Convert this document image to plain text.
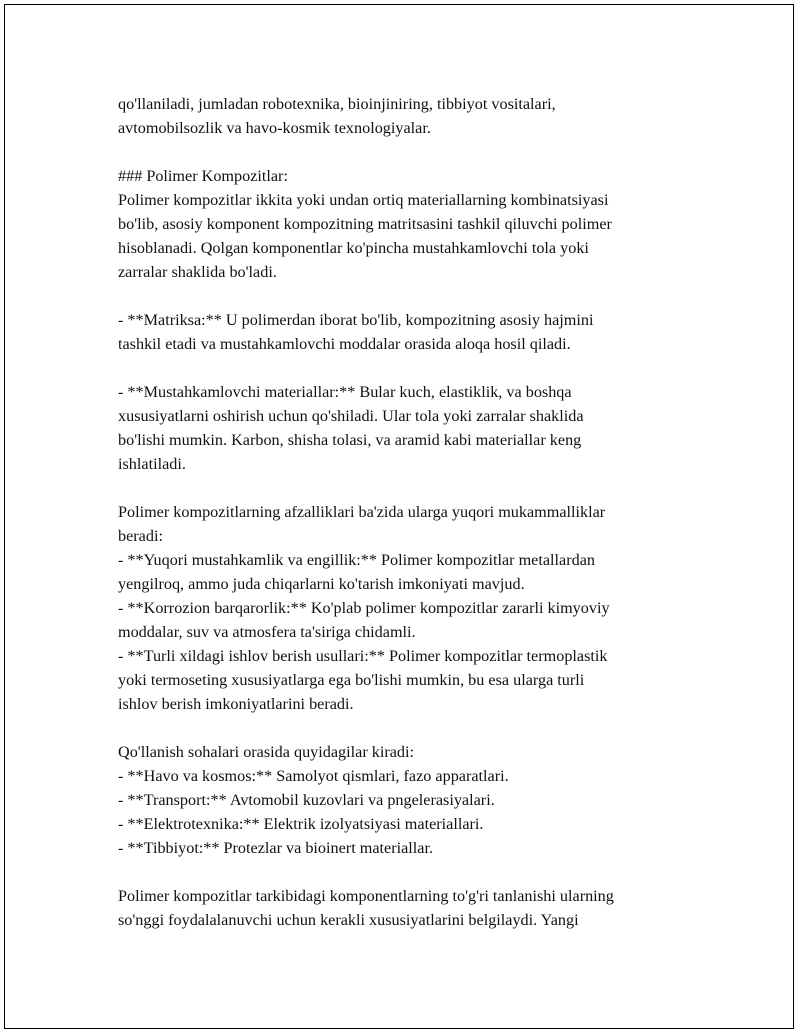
qo'llaniladi, jumladan robotexnika, bioinjiniring, tibbiyot vositalari,
avtomobilsozlik va havo-kosmik texnologiyalar.
### Polimer Kompozitlar:
Polimer kompozitlar ikkita yoki undan ortiq materiallarning kombinatsiyasi
bo'lib, asosiy komponent kompozitning matritsasini tashkil qiluvchi polimer
hisoblanadi. Qolgan komponentlar ko'pincha mustahkamlovchi tola yoki
zarralar shaklida bo'ladi.
- **Matriksa:** U polimerdan iborat bo'lib, kompozitning asosiy hajmini
tashkil etadi va mustahkamlovchi moddalar orasida aloqa hosil qiladi.
- **Mustahkamlovchi materiallar:** Bular kuch, elastiklik, va boshqa
xususiyatlarni oshirish uchun qo'shiladi. Ular tola yoki zarralar shaklida
bo'lishi mumkin. Karbon, shisha tolasi, va aramid kabi materiallar keng
ishlatiladi.
Polimer kompozitlarning afzalliklari ba'zida ularga yuqori mukammalliklar
beradi:
- **Yuqori mustahkamlik va engillik:** Polimer kompozitlar metallardan
yengilroq, ammo juda chiqarlarni ko'tarish imkoniyati mavjud.
- **Korrozion barqarorlik:** Ko'plab polimer kompozitlar zararli kimyoviy
moddalar, suv va atmosfera ta'siriga chidamli.
- **Turli xildagi ishlov berish usullari:** Polimer kompozitlar termoplastik
yoki termoseting xususiyatlarga ega bo'lishi mumkin, bu esa ularga turli
ishlov berish imkoniyatlarini beradi.
Qo'llanish sohalari orasida quyidagilar kiradi:
- **Havo va kosmos:** Samolyot qismlari, fazo apparatlari.
- **Transport:** Avtomobil kuzovlari va pngelerasiyalari.
- **Elektrotexnika:** Elektrik izolyatsiyasi materiallari.
- **Tibbiyot:** Protezlar va bioinert materiallar.
Polimer kompozitlar tarkibidagi komponentlarning to'g'ri tanlanishi ularning
so'nggi foydalalanuvchi uchun kerakli xususiyatlarini belgilaydi. Yangi
